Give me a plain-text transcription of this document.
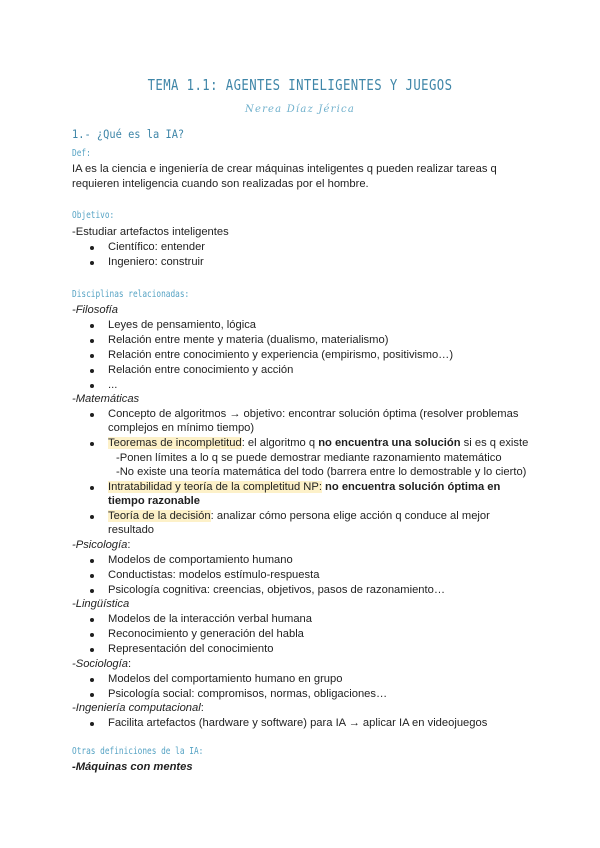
TEMA 1.1: AGENTES INTELIGENTES Y JUEGOS
Nerea Díaz Jérica
1.- ¿Qué es la IA?
Def:
IA es la ciencia e ingeniería de crear máquinas inteligentes q pueden realizar tareas q
requieren inteligencia cuando son realizadas por el hombre.
Objetivo:
-Estudiar artefactos inteligentes
Científico: entender
Ingeniero: construir
Disciplinas relacionadas:
-Filosofía
Leyes de pensamiento, lógica
Relación entre mente y materia (dualismo, materialismo)
Relación entre conocimiento y experiencia (empirismo, positivismo…)
Relación entre conocimiento y acción
...
-Matemáticas
Concepto de algoritmos → objetivo: encontrar solución óptima (resolver problemas
complejos en mínimo tiempo)
Teoremas de incompletitud: el algoritmo q no encuentra una solución si es q existe
-Ponen límites a lo q se puede demostrar mediante razonamiento matemático
-No existe una teoría matemática del todo (barrera entre lo demostrable y lo cierto)
Intratabilidad y teoría de la completitud NP: no encuentra solución óptima en
tiempo razonable
Teoría de la decisión: analizar cómo persona elige acción q conduce al mejor
resultado
-Psicología:
Modelos de comportamiento humano
Conductistas: modelos estímulo-respuesta
Psicología cognitiva: creencias, objetivos, pasos de razonamiento…
-Lingüística
Modelos de la interacción verbal humana
Reconocimiento y generación del habla
Representación del conocimiento
-Sociología:
Modelos del comportamiento humano en grupo
Psicología social: compromisos, normas, obligaciones…
-Ingeniería computacional:
Facilita artefactos (hardware y software) para IA → aplicar IA en videojuegos
Otras definiciones de la IA:
-Máquinas con mentes
